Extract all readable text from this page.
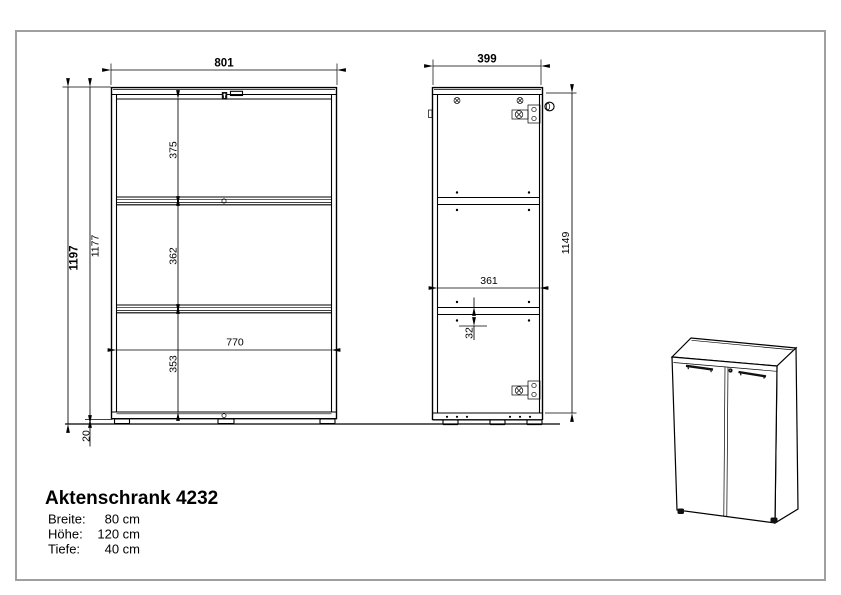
801
1197 1177
20
375
362
353
770
399
1149
361
32
Aktenschrank 4232
Breite: 80 cm
Höhe: 120 cm
Tiefe: 40 cm
